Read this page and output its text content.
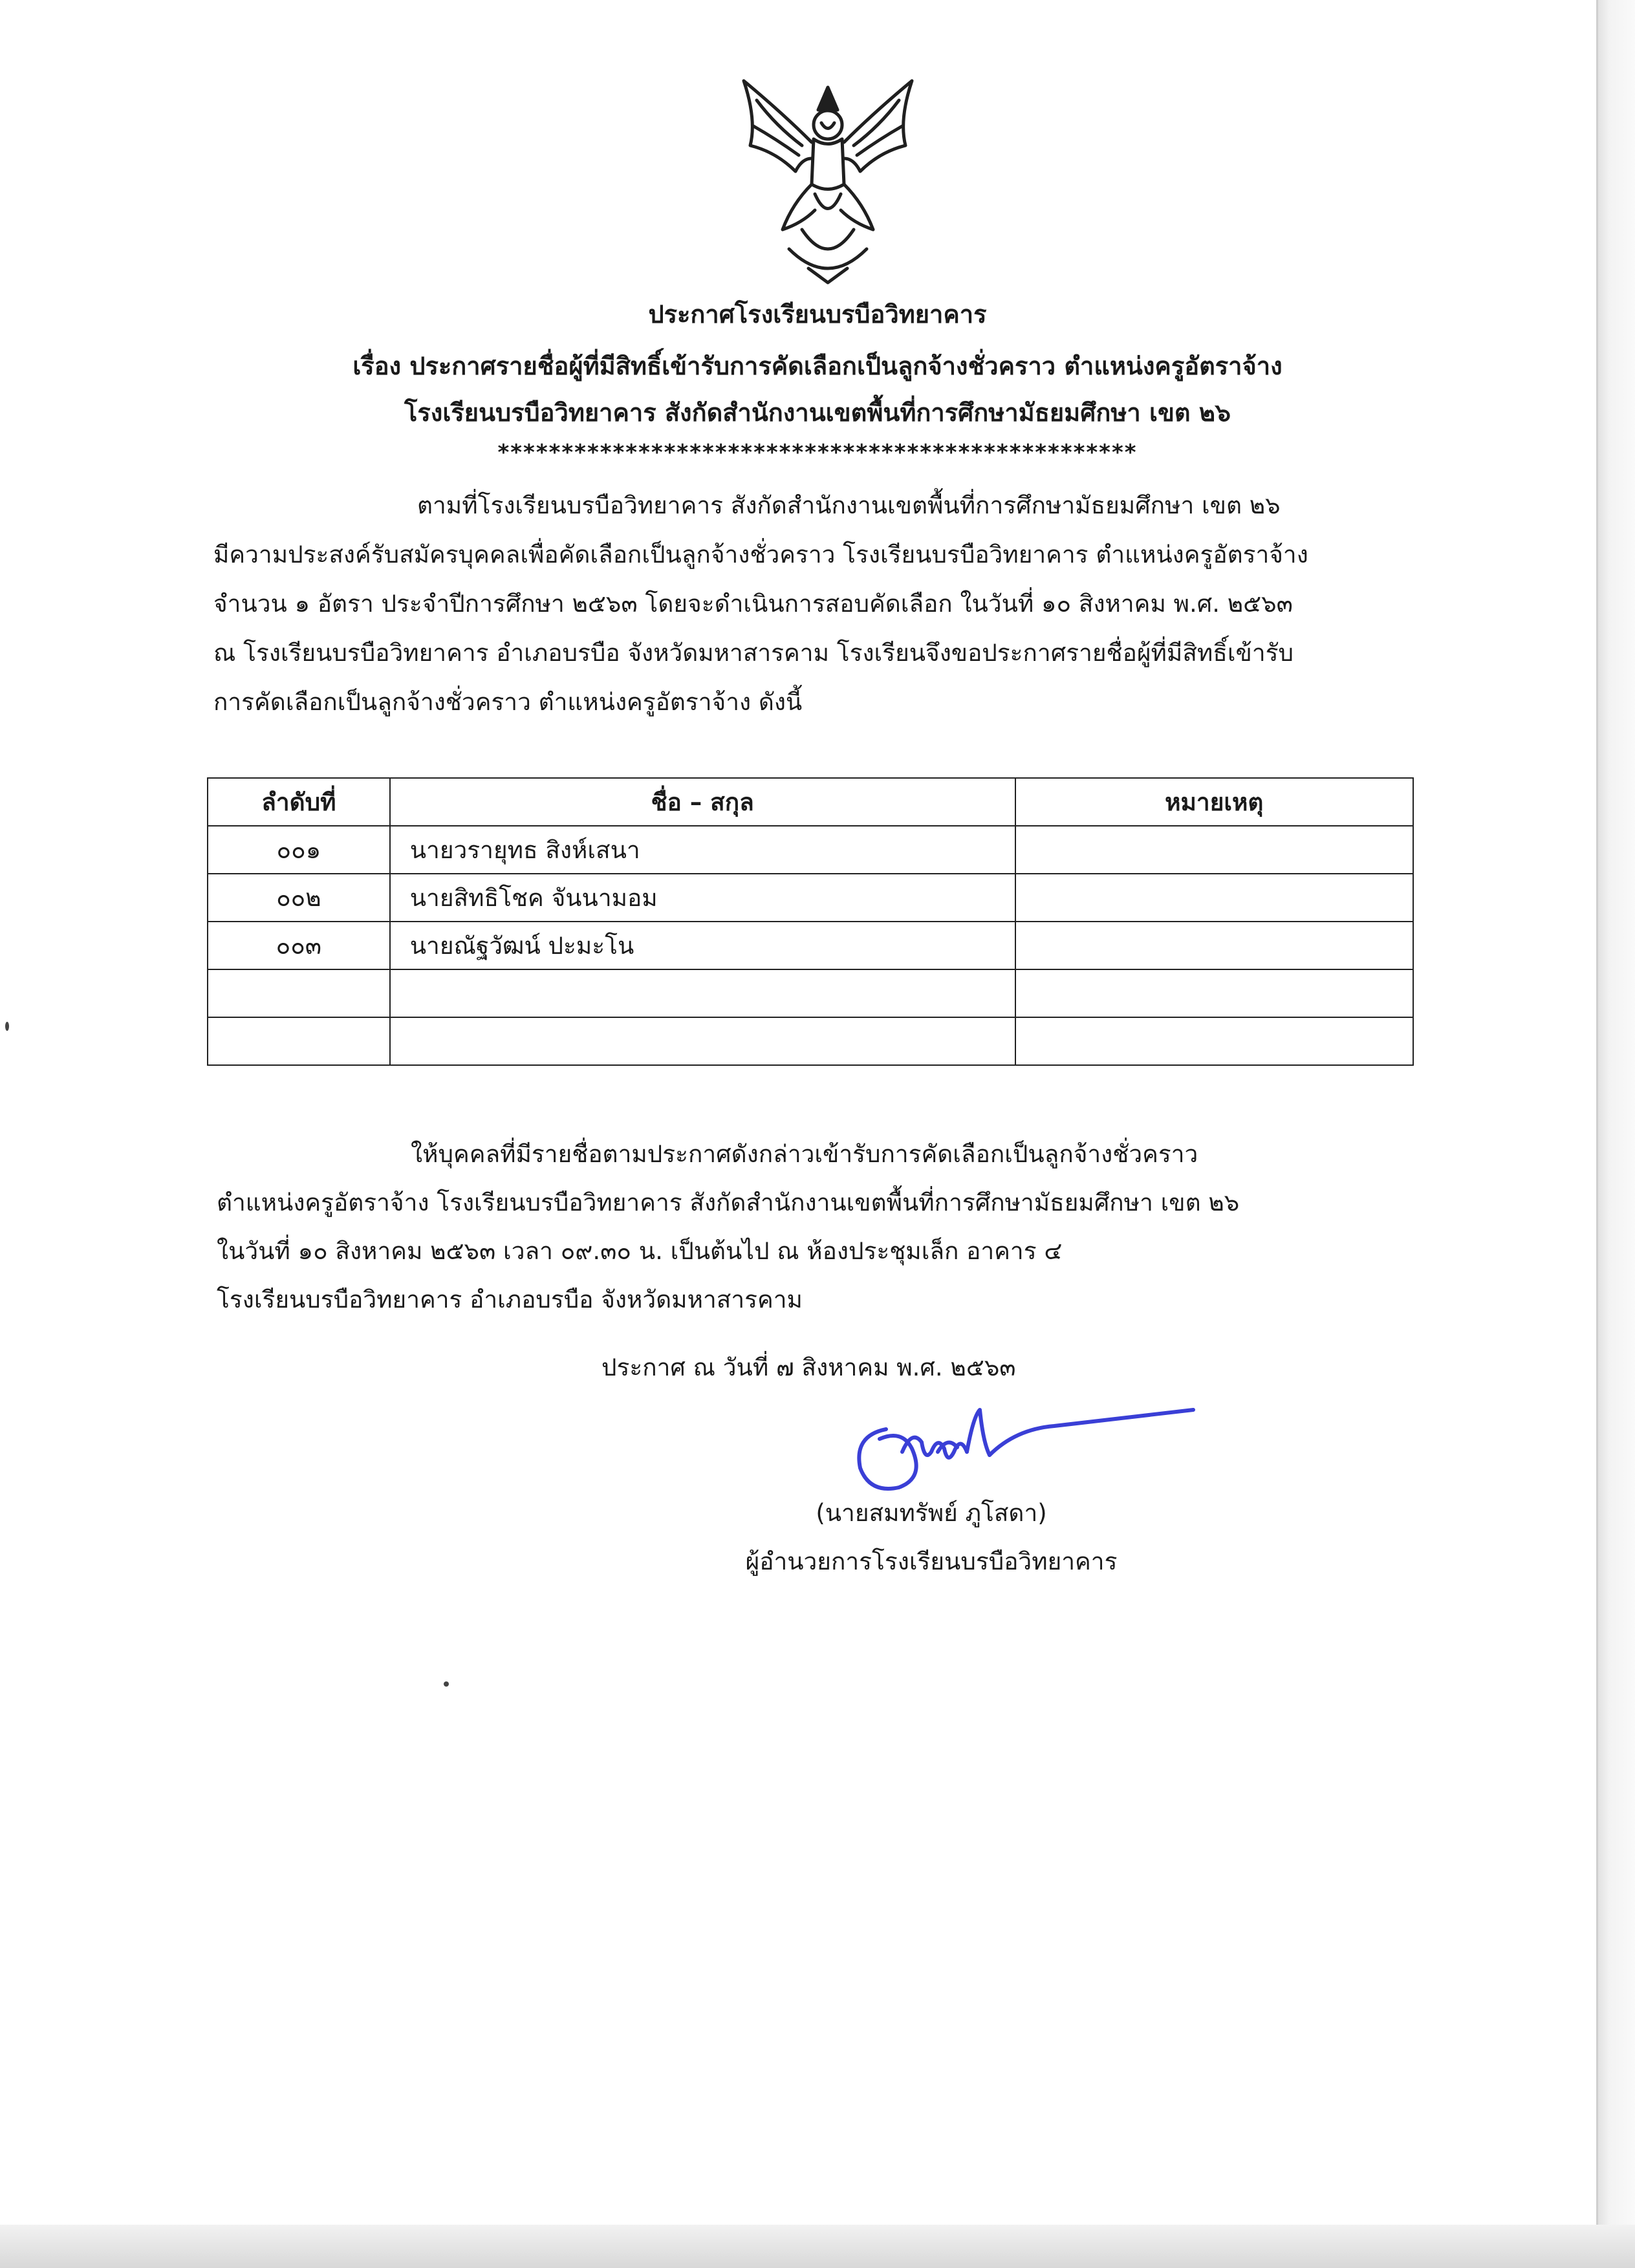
ประกาศโรงเรียนบรบือวิทยาคาร
เรื่อง ประกาศรายชื่อผู้ที่มีสิทธิ์เข้ารับการคัดเลือกเป็นลูกจ้างชั่วคราว ตำแหน่งครูอัตราจ้าง
โรงเรียนบรบือวิทยาคาร สังกัดสำนักงานเขตพื้นที่การศึกษามัธยมศึกษา เขต ๒๖
**************************************************
ตามที่โรงเรียนบรบือวิทยาคาร สังกัดสำนักงานเขตพื้นที่การศึกษามัธยมศึกษา เขต ๒๖
มีความประสงค์รับสมัครบุคคลเพื่อคัดเลือกเป็นลูกจ้างชั่วคราว โรงเรียนบรบือวิทยาคาร ตำแหน่งครูอัตราจ้าง
จำนวน ๑ อัตรา ประจำปีการศึกษา ๒๕๖๓ โดยจะดำเนินการสอบคัดเลือก ในวันที่ ๑๐ สิงหาคม พ.ศ. ๒๕๖๓
ณ โรงเรียนบรบือวิทยาคาร อำเภอบรบือ จังหวัดมหาสารคาม โรงเรียนจึงขอประกาศรายชื่อผู้ที่มีสิทธิ์เข้ารับ
การคัดเลือกเป็นลูกจ้างชั่วคราว ตำแหน่งครูอัตราจ้าง ดังนี้
ลำดับที่	ชื่อ – สกุล	หมายเหตุ
๐๐๑	นายวรายุทธ สิงห์เสนา	
๐๐๒	นายสิทธิโชค จันนามอม	
๐๐๓	นายณัฐวัฒน์ ปะมะโน	

ให้บุคคลที่มีรายชื่อตามประกาศดังกล่าวเข้ารับการคัดเลือกเป็นลูกจ้างชั่วคราว
ตำแหน่งครูอัตราจ้าง โรงเรียนบรบือวิทยาคาร สังกัดสำนักงานเขตพื้นที่การศึกษามัธยมศึกษา เขต ๒๖
ในวันที่ ๑๐ สิงหาคม ๒๕๖๓ เวลา ๐๙.๓๐ น. เป็นต้นไป ณ ห้องประชุมเล็ก อาคาร ๔
โรงเรียนบรบือวิทยาคาร อำเภอบรบือ จังหวัดมหาสารคาม
ประกาศ ณ วันที่ ๗ สิงหาคม พ.ศ. ๒๕๖๓
(นายสมทรัพย์ ภูโสดา)
ผู้อำนวยการโรงเรียนบรบือวิทยาคาร
